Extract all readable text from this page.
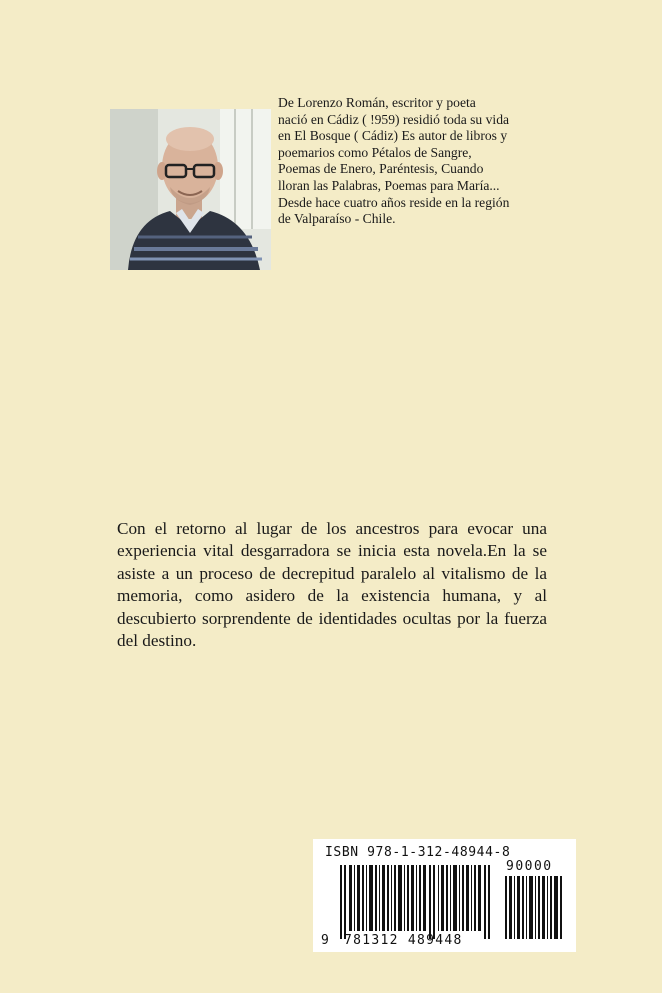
De Lorenzo Román, escritor y poeta
nació en Cádiz ( !959) residió toda su vida
en El Bosque ( Cádiz) Es autor de libros y
poemarios como Pétalos de Sangre,
Poemas de Enero, Paréntesis, Cuando
lloran las Palabras, Poemas para María...
Desde hace cuatro años reside en la región
de Valparaíso - Chile.

Con el retorno al lugar de los ancestros para evocar una experiencia vital desgarradora se inicia esta novela.En la se asiste a un proceso de decrepitud paralelo al vitalismo de la memoria, como asidero de la existencia humana, y al descubierto sorprendente de identidades ocultas por la fuerza del destino.

ISBN 978-1-312-48944-8
90000
9 781312 489448
